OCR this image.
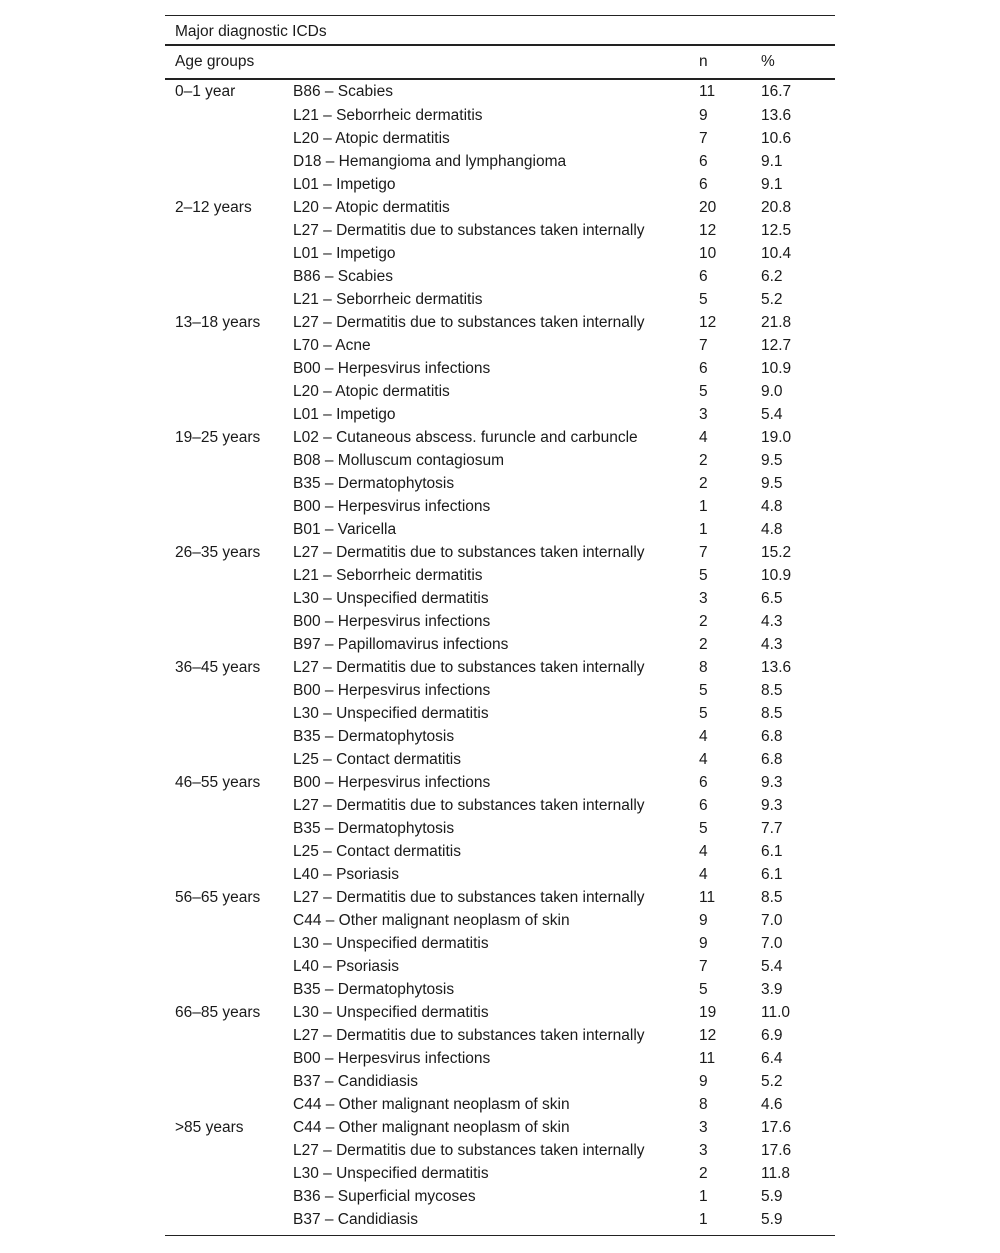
Major diagnostic ICDs
Age groups		n	%
0–1 year	B86 – Scabies	11	16.7
	L21 – Seborrheic dermatitis	9	13.6
	L20 – Atopic dermatitis	7	10.6
	D18 – Hemangioma and lymphangioma	6	9.1
	L01 – Impetigo	6	9.1
2–12 years	L20 – Atopic dermatitis	20	20.8
	L27 – Dermatitis due to substances taken internally	12	12.5
	L01 – Impetigo	10	10.4
	B86 – Scabies	6	6.2
	L21 – Seborrheic dermatitis	5	5.2
13–18 years	L27 – Dermatitis due to substances taken internally	12	21.8
	L70 – Acne	7	12.7
	B00 – Herpesvirus infections	6	10.9
	L20 – Atopic dermatitis	5	9.0
	L01 – Impetigo	3	5.4
19–25 years	L02 – Cutaneous abscess. furuncle and carbuncle	4	19.0
	B08 – Molluscum contagiosum	2	9.5
	B35 – Dermatophytosis	2	9.5
	B00 – Herpesvirus infections	1	4.8
	B01 – Varicella	1	4.8
26–35 years	L27 – Dermatitis due to substances taken internally	7	15.2
	L21 – Seborrheic dermatitis	5	10.9
	L30 – Unspecified dermatitis	3	6.5
	B00 – Herpesvirus infections	2	4.3
	B97 – Papillomavirus infections	2	4.3
36–45 years	L27 – Dermatitis due to substances taken internally	8	13.6
	B00 – Herpesvirus infections	5	8.5
	L30 – Unspecified dermatitis	5	8.5
	B35 – Dermatophytosis	4	6.8
	L25 – Contact dermatitis	4	6.8
46–55 years	B00 – Herpesvirus infections	6	9.3
	L27 – Dermatitis due to substances taken internally	6	9.3
	B35 – Dermatophytosis	5	7.7
	L25 – Contact dermatitis	4	6.1
	L40 – Psoriasis	4	6.1
56–65 years	L27 – Dermatitis due to substances taken internally	11	8.5
	C44 – Other malignant neoplasm of skin	9	7.0
	L30 – Unspecified dermatitis	9	7.0
	L40 – Psoriasis	7	5.4
	B35 – Dermatophytosis	5	3.9
66–85 years	L30 – Unspecified dermatitis	19	11.0
	L27 – Dermatitis due to substances taken internally	12	6.9
	B00 – Herpesvirus infections	11	6.4
	B37 – Candidiasis	9	5.2
	C44 – Other malignant neoplasm of skin	8	4.6
>85 years	C44 – Other malignant neoplasm of skin	3	17.6
	L27 – Dermatitis due to substances taken internally	3	17.6
	L30 – Unspecified dermatitis	2	11.8
	B36 – Superficial mycoses	1	5.9
	B37 – Candidiasis	1	5.9
